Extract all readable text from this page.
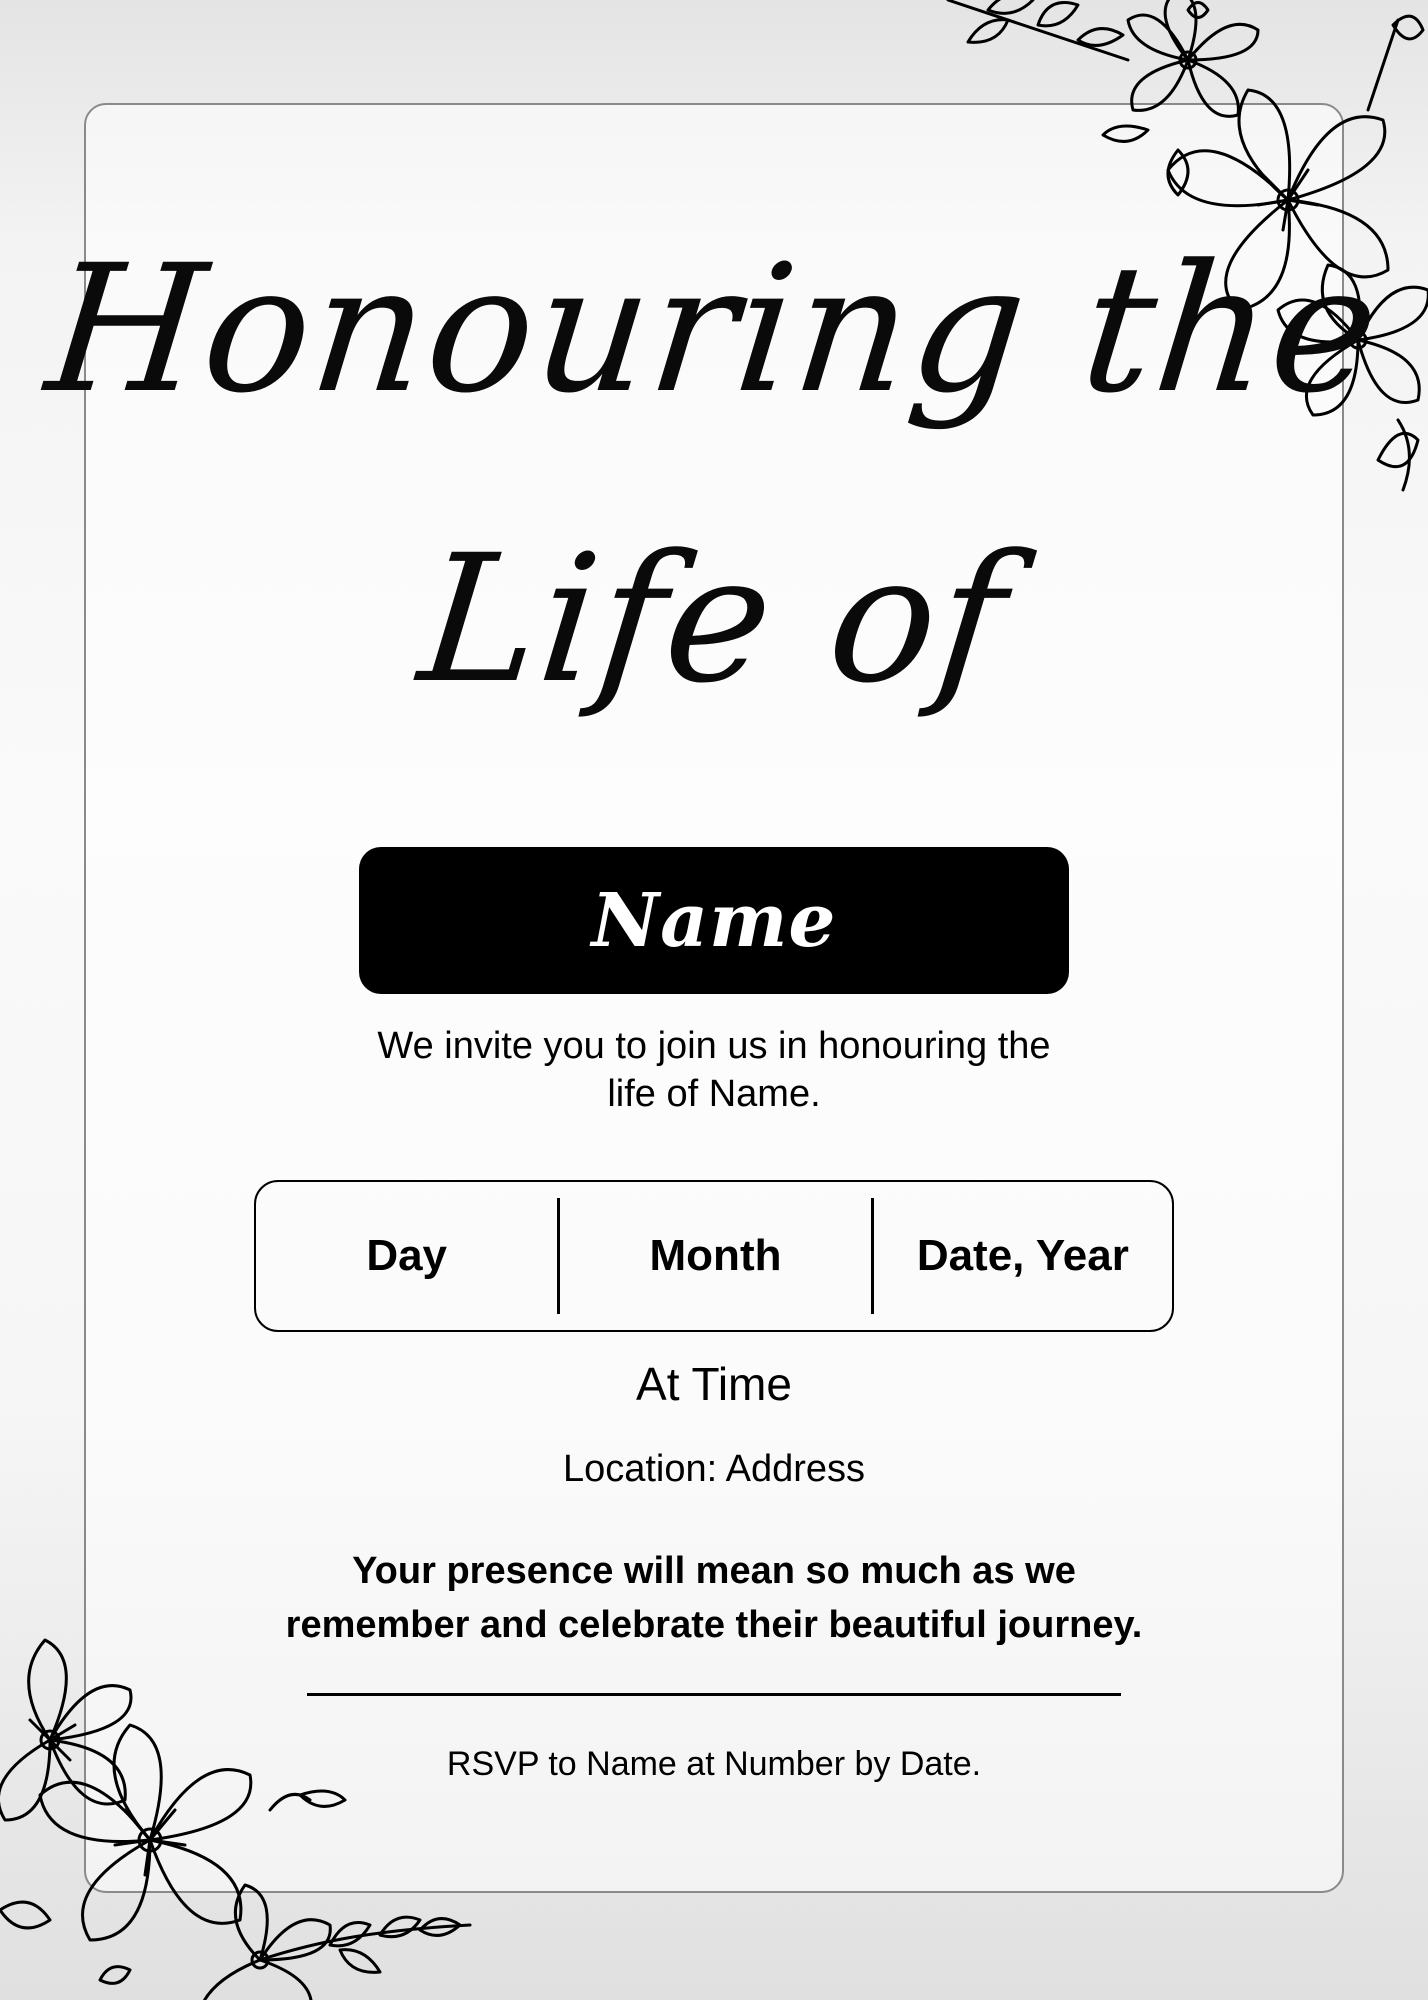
Honouring the
Life of
Name
We invite you to join us in honouring the
life of Name.
Day	Month	Date, Year
At Time
Location: Address
Your presence will mean so much as we
remember and celebrate their beautiful journey.
RSVP to Name at Number by Date.
